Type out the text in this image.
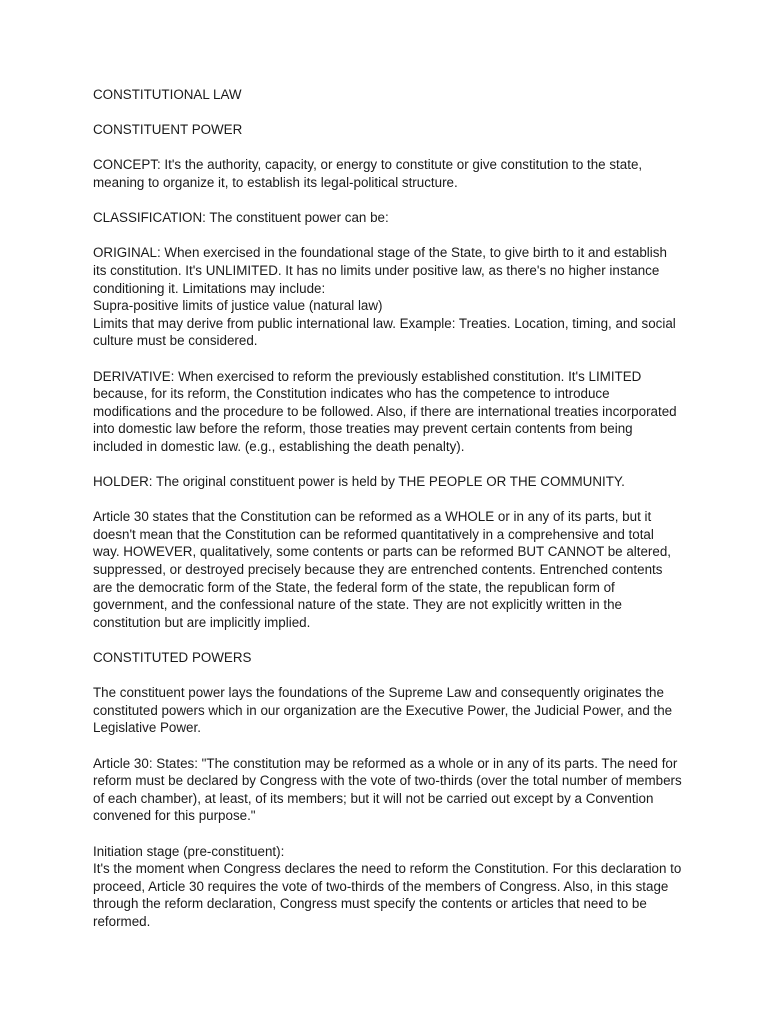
CONSTITUTIONAL LAW

CONSTITUENT POWER

CONCEPT: It's the authority, capacity, or energy to constitute or give constitution to the state, meaning to organize it, to establish its legal-political structure.

CLASSIFICATION: The constituent power can be:

ORIGINAL: When exercised in the foundational stage of the State, to give birth to it and establish its constitution. It's UNLIMITED. It has no limits under positive law, as there's no higher instance conditioning it. Limitations may include:
Supra-positive limits of justice value (natural law)
Limits that may derive from public international law. Example: Treaties. Location, timing, and social culture must be considered.

DERIVATIVE: When exercised to reform the previously established constitution. It's LIMITED because, for its reform, the Constitution indicates who has the competence to introduce modifications and the procedure to be followed. Also, if there are international treaties incorporated into domestic law before the reform, those treaties may prevent certain contents from being included in domestic law. (e.g., establishing the death penalty).

HOLDER: The original constituent power is held by THE PEOPLE OR THE COMMUNITY.

Article 30 states that the Constitution can be reformed as a WHOLE or in any of its parts, but it doesn't mean that the Constitution can be reformed quantitatively in a comprehensive and total way. HOWEVER, qualitatively, some contents or parts can be reformed BUT CANNOT be altered, suppressed, or destroyed precisely because they are entrenched contents. Entrenched contents are the democratic form of the State, the federal form of the state, the republican form of government, and the confessional nature of the state. They are not explicitly written in the constitution but are implicitly implied.

CONSTITUTED POWERS

The constituent power lays the foundations of the Supreme Law and consequently originates the constituted powers which in our organization are the Executive Power, the Judicial Power, and the Legislative Power.

Article 30: States: "The constitution may be reformed as a whole or in any of its parts. The need for reform must be declared by Congress with the vote of two-thirds (over the total number of members of each chamber), at least, of its members; but it will not be carried out except by a Convention convened for this purpose."

Initiation stage (pre-constituent):
It's the moment when Congress declares the need to reform the Constitution. For this declaration to proceed, Article 30 requires the vote of two-thirds of the members of Congress. Also, in this stage through the reform declaration, Congress must specify the contents or articles that need to be reformed.
